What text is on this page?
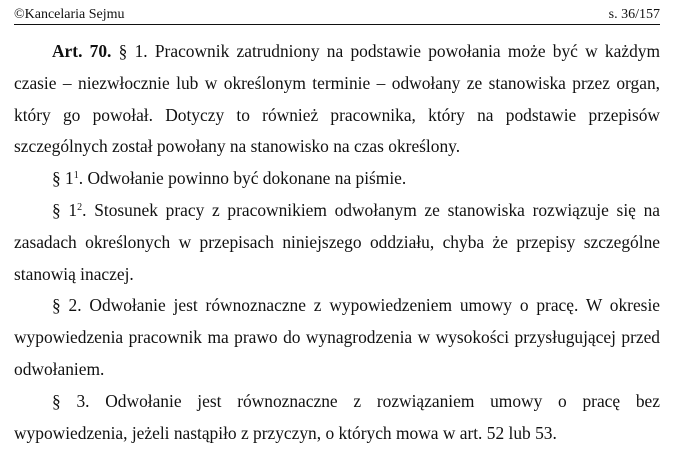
©Kancelaria Sejmu	s. 36/157

Art. 70. § 1. Pracownik zatrudniony na podstawie powołania może być w każdym czasie – niezwłocznie lub w określonym terminie – odwołany ze stanowiska przez organ, który go powołał. Dotyczy to również pracownika, który na podstawie przepisów szczególnych został powołany na stanowisko na czas określony.

§ $1^1$. Odwołanie powinno być dokonane na piśmie.

§ $1^2$. Stosunek pracy z pracownikiem odwołanym ze stanowiska rozwiązuje się na zasadach określonych w przepisach niniejszego oddziału, chyba że przepisy szczególne stanowią inaczej.

§ 2. Odwołanie jest równoznaczne z wypowiedzeniem umowy o pracę. W okresie wypowiedzenia pracownik ma prawo do wynagrodzenia w wysokości przysługującej przed odwołaniem.

§ 3. Odwołanie jest równoznaczne z rozwiązaniem umowy o pracę bez wypowiedzenia, jeżeli nastąpiło z przyczyn, o których mowa w art. 52 lub 53.
